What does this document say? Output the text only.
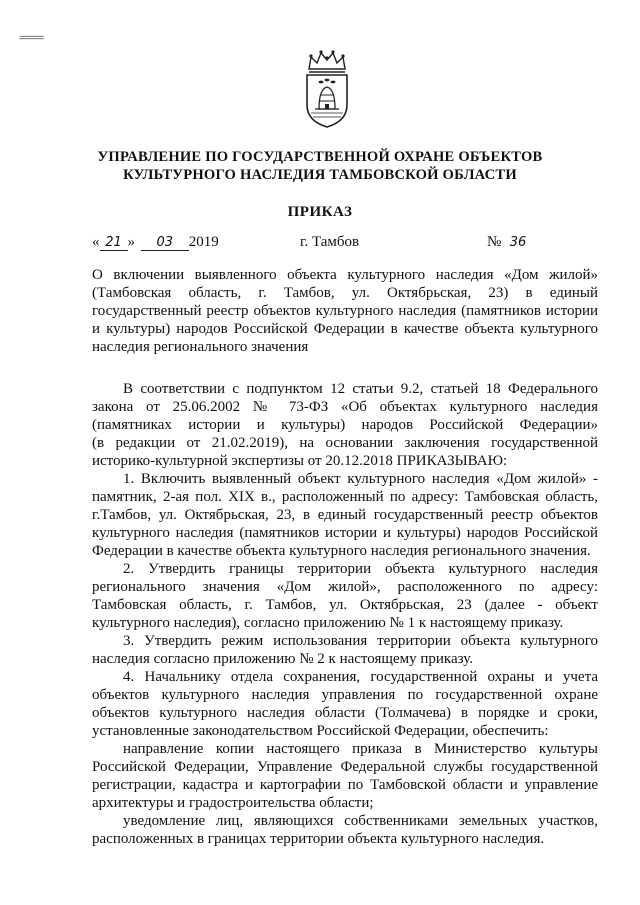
=====
УПРАВЛЕНИЕ ПО ГОСУДАРСТВЕННОЙ ОХРАНЕ ОБЪЕКТОВ
КУЛЬТУРНОГО НАСЛЕДИЯ ТАМБОВСКОЙ ОБЛАСТИ
ПРИКАЗ
« 21 » 03 2019	г. Тамбов	№ 36

О включении выявленного объекта культурного наследия «Дом жилой»

(Тамбовская область, г. Тамбов, ул. Октябрьская, 23) в единый

государственный реестр объектов культурного наследия (памятников истории

и культуры) народов Российской Федерации в качестве объекта культурного

наследия регионального значения

В соответствии с подпунктом 12 статьи 9.2, статьей 18 Федерального

закона от 25.06.2002 № 73-ФЗ «Об объектах культурного наследия

(памятниках истории и культуры) народов Российской Федерации»

(в редакции от 21.02.2019), на основании заключения государственной

историко-культурной экспертизы от 20.12.2018 ПРИКАЗЫВАЮ:

1. Включить выявленный объект культурного наследия «Дом жилой» -

памятник, 2-ая пол. XIX в., расположенный по адресу: Тамбовская область,

г.Тамбов, ул. Октябрьская, 23, в единый государственный реестр объектов

культурного наследия (памятников истории и культуры) народов Российской

Федерации в качестве объекта культурного наследия регионального значения.

2. Утвердить границы территории объекта культурного наследия

регионального значения «Дом жилой», расположенного по адресу:

Тамбовская область, г. Тамбов, ул. Октябрьская, 23 (далее - объект

культурного наследия), согласно приложению № 1 к настоящему приказу.

3. Утвердить режим использования территории объекта культурного

наследия согласно приложению № 2 к настоящему приказу.

4. Начальнику отдела сохранения, государственной охраны и учета

объектов культурного наследия управления по государственной охране

объектов культурного наследия области (Толмачева) в порядке и сроки,

установленные законодательством Российской Федерации, обеспечить:

направление копии настоящего приказа в Министерство культуры

Российской Федерации, Управление Федеральной службы государственной

регистрации, кадастра и картографии по Тамбовской области и управление

архитектуры и градостроительства области;

уведомление лиц, являющихся собственниками земельных участков,

расположенных в границах территории объекта культурного наследия.
